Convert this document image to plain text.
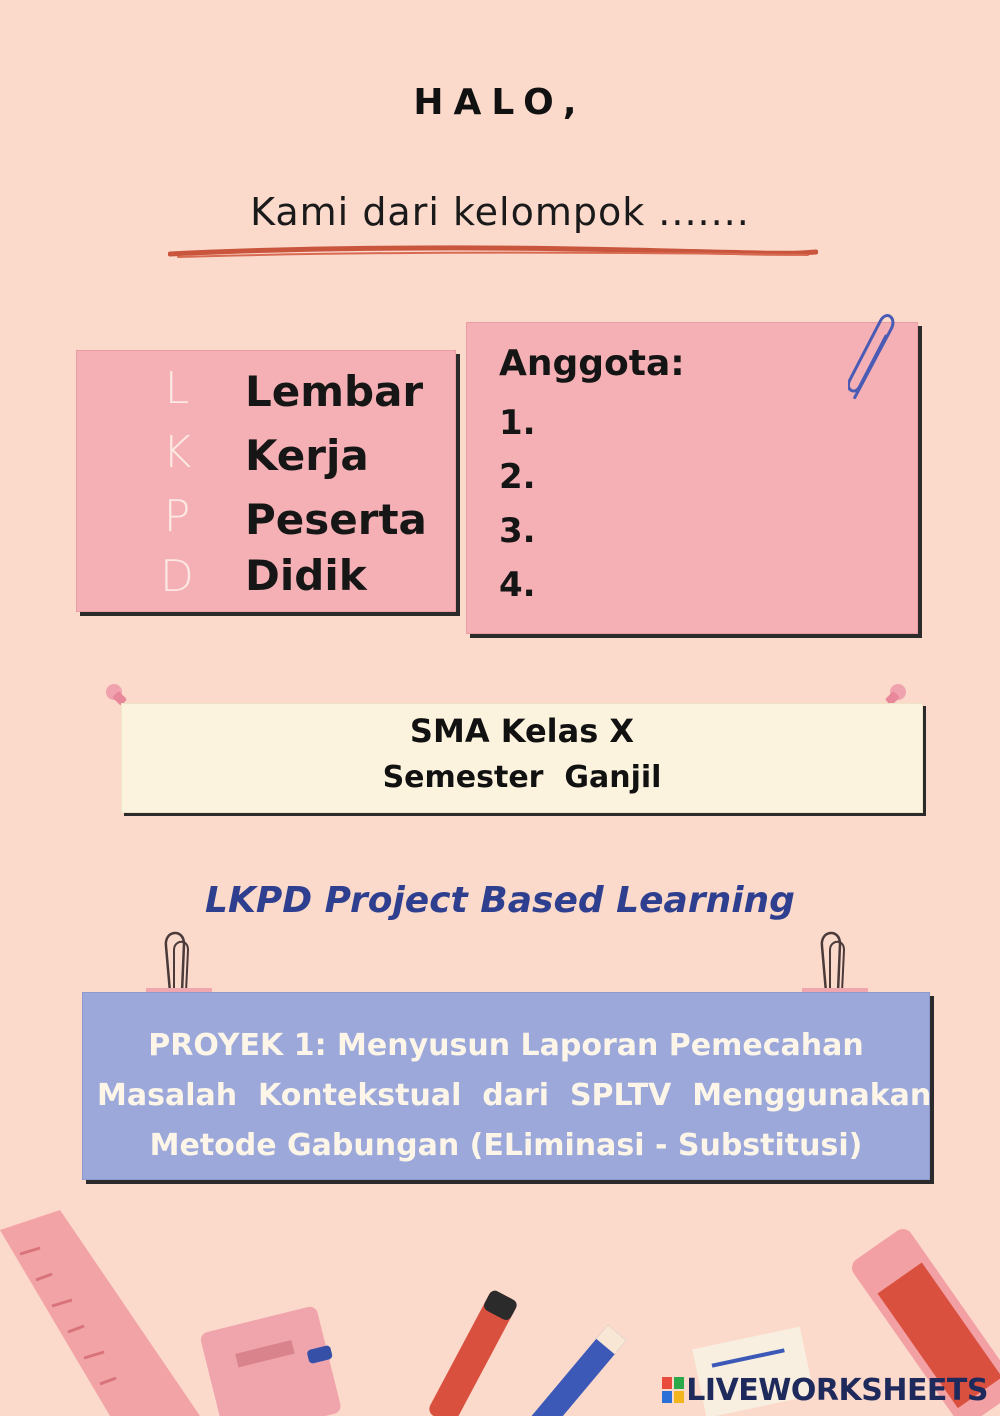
HALO,
Kami dari kelompok .......
L Lembar
K Kerja
P Peserta
D Didik
Anggota:
1.
2.
3.
4.
SMA Kelas X
Semester  Ganjil
LKPD Project Based Learning
PROYEK 1: Menyusun Laporan Pemecahan
Masalah  Kontekstual  dari  SPLTV  Menggunakan
Metode Gabungan (ELiminasi - Substitusi)
LIVEWORKSHEETS
